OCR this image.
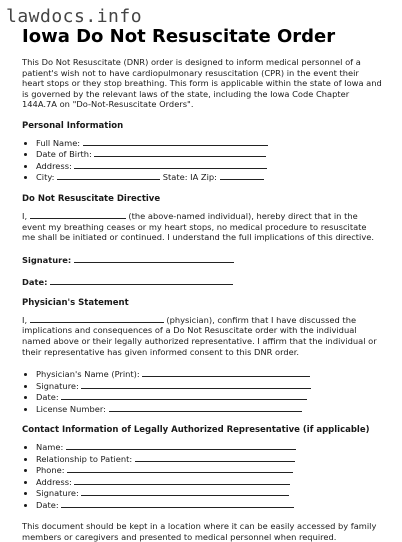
lawdocs.info
Iowa Do Not Resuscitate Order

This Do Not Resuscitate (DNR) order is designed to inform medical personnel of a patient's wish not to have cardiopulmonary resuscitation (CPR) in the event their heart stops or they stop breathing. This form is applicable within the state of Iowa and is governed by the relevant laws of the state, including the Iowa Code Chapter 144A.7A on "Do-Not-Resuscitate Orders".

Personal Information
• Full Name:
• Date of Birth:
• Address:
• City:	State: IA Zip:
Do Not Resuscitate Directive

I,	(the above-named individual), hereby direct that in the event my breathing ceases or my heart stops, no medical procedure to resuscitate me shall be initiated or continued. I understand the full implications of this directive.

Signature:
Date:
Physician's Statement

I,	(physician), confirm that I have discussed the implications and consequences of a Do Not Resuscitate order with the individual named above or their legally authorized representative. I affirm that the individual or their representative has given informed consent to this DNR order.

• Physician's Name (Print):
• Signature:
• Date:
• License Number:
Contact Information of Legally Authorized Representative (if applicable)
• Name:
• Relationship to Patient:
• Phone:
• Address:
• Signature:
• Date:

This document should be kept in a location where it can be easily accessed by family members or caregivers and presented to medical personnel when required.
